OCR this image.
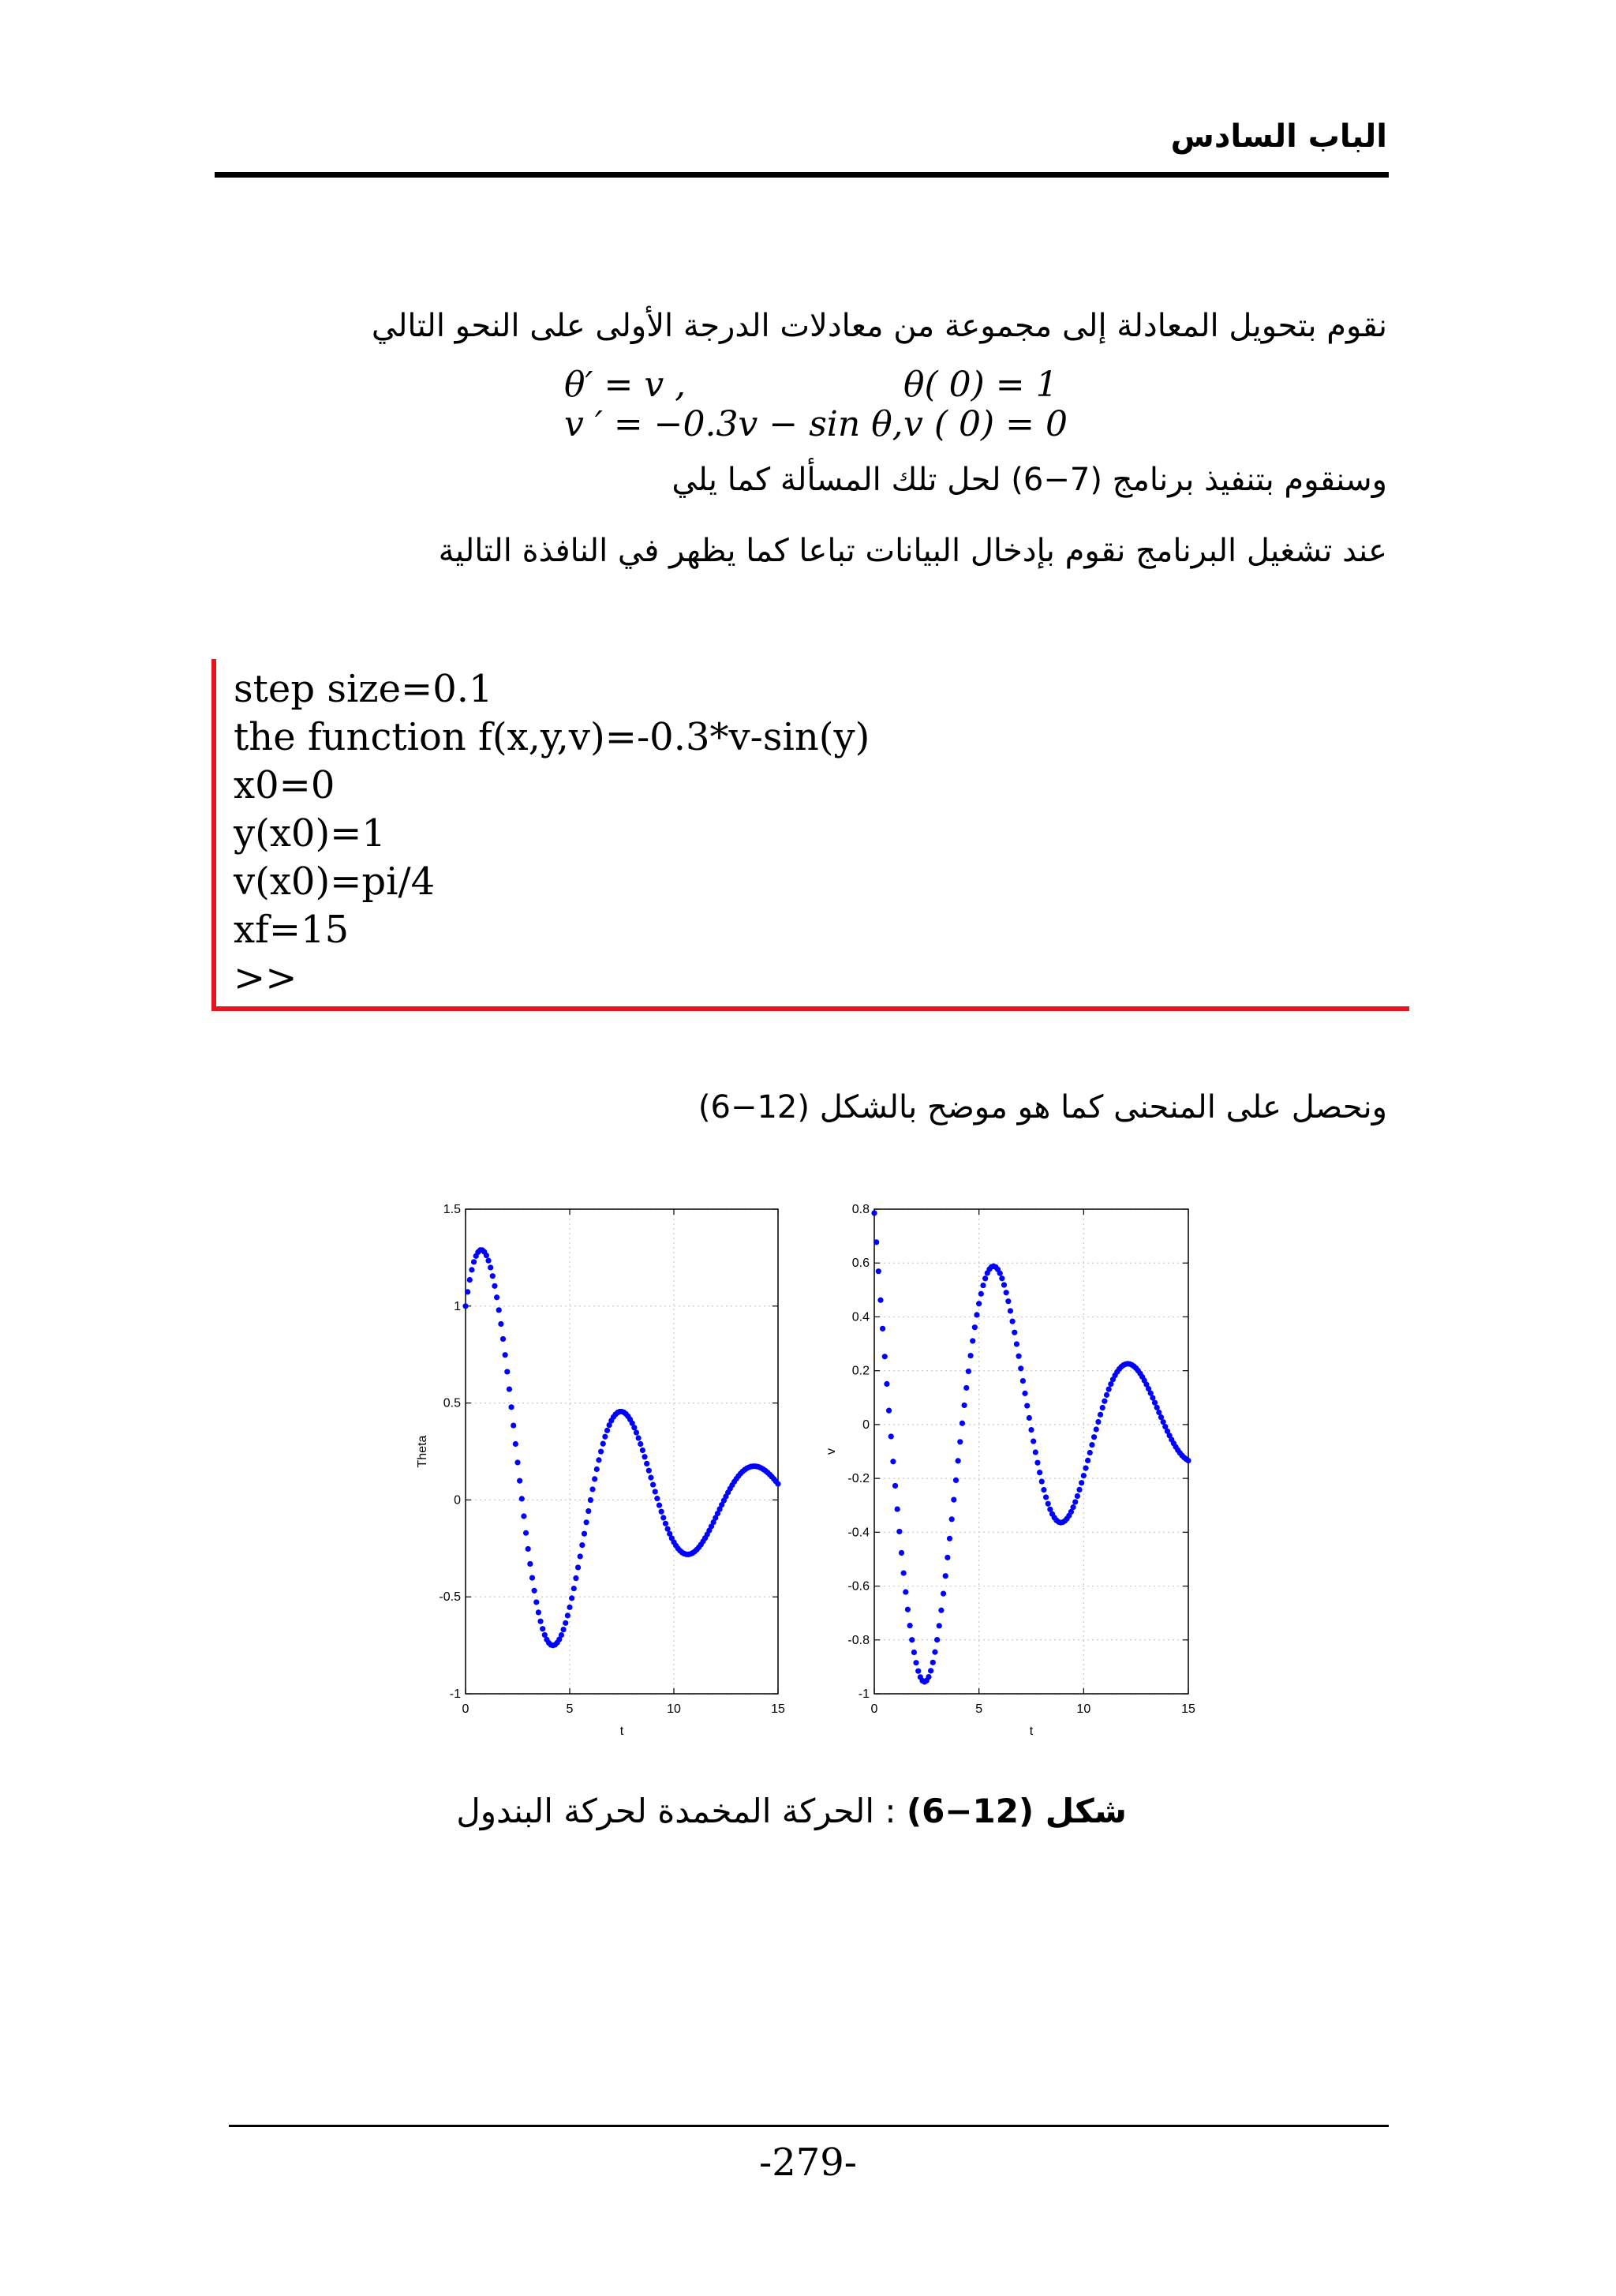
الباب السادس
نقوم بتحويل المعادلة إلى مجموعة من معادلات الدرجة الأولى على النحو التالي
θ′ = v ,	θ( 0) = 1
v ′ = −0.3v − sin θ, v ( 0) = 0
وسنقوم بتنفيذ برنامج (7−6) لحل تلك المسألة كما يلي
عند تشغيل البرنامج نقوم بإدخال البيانات تباعا كما يظهر في النافذة التالية
step size=0.1
the function f(x,y,v)=-0.3*v-sin(y)
x0=0
y(x0)=1
v(x0)=pi/4
xf=15
>>
ونحصل على المنحنى كما هو موضح بالشكل (12−6)
0	5	10	15
-1
-0.5
0
0.5
1
1.5
t
Theta
0	5	10	15
-1
-0.8
-0.6
-0.4
-0.2
0
0.2
0.4
0.6
0.8
t
v
شكل (12−6) : الحركة المخمدة لحركة البندول
-279-
